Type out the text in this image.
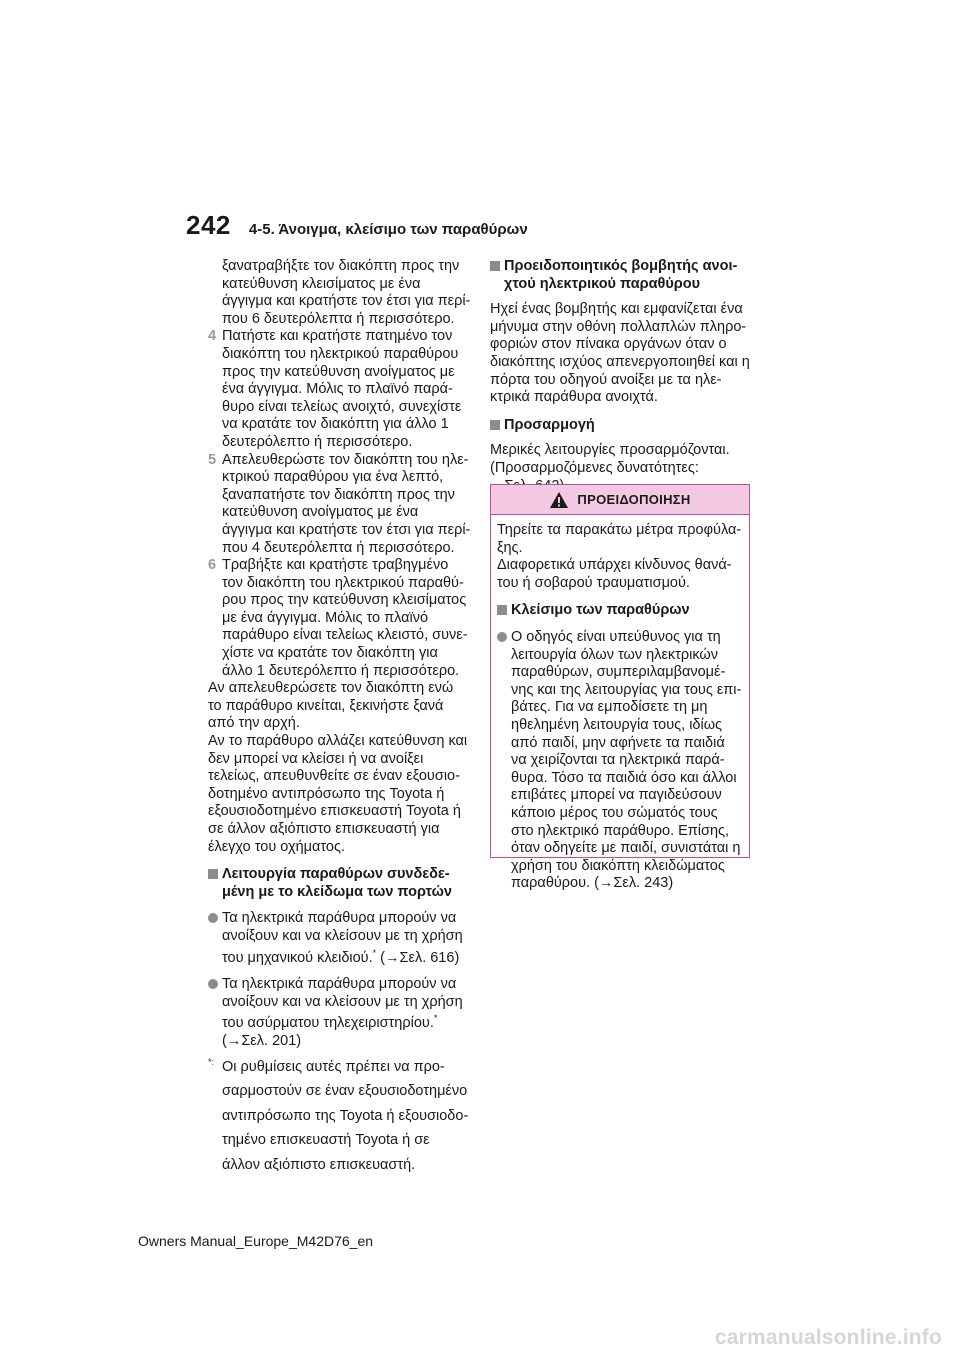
242 4-5. Άνοιγμα, κλείσιμο των παραθύρων
ξανατραβήξτε τον διακόπτη προς την
κατεύθυνση κλεισίματος με ένα
άγγιγμα και κρατήστε τον έτσι για περί-
που 6 δευτερόλεπτα ή περισσότερο.
4 Πατήστε και κρατήστε πατημένο τον
διακόπτη του ηλεκτρικού παραθύρου
προς την κατεύθυνση ανοίγματος με
ένα άγγιγμα. Μόλις το πλαϊνό παρά-
θυρο είναι τελείως ανοιχτό, συνεχίστε
να κρατάτε τον διακόπτη για άλλο 1
δευτερόλεπτο ή περισσότερο.
5 Απελευθερώστε τον διακόπτη του ηλε-
κτρικού παραθύρου για ένα λεπτό,
ξαναπατήστε τον διακόπτη προς την
κατεύθυνση ανοίγματος με ένα
άγγιγμα και κρατήστε τον έτσι για περί-
που 4 δευτερόλεπτα ή περισσότερο.
6 Τραβήξτε και κρατήστε τραβηγμένο
τον διακόπτη του ηλεκτρικού παραθύ-
ρου προς την κατεύθυνση κλεισίματος
με ένα άγγιγμα. Μόλις το πλαϊνό
παράθυρο είναι τελείως κλειστό, συνε-
χίστε να κρατάτε τον διακόπτη για
άλλο 1 δευτερόλεπτο ή περισσότερο.
Αν απελευθερώσετε τον διακόπτη ενώ
το παράθυρο κινείται, ξεκινήστε ξανά
από την αρχή.
Αν το παράθυρο αλλάζει κατεύθυνση και
δεν μπορεί να κλείσει ή να ανοίξει
τελείως, απευθυνθείτε σε έναν εξουσιο-
δοτημένο αντιπρόσωπο της Toyota ή
εξουσιοδοτημένο επισκευαστή Toyota ή
σε άλλον αξιόπιστο επισκευαστή για
έλεγχο του οχήματος.
Λειτουργία παραθύρων συνδεδε-
μένη με το κλείδωμα των πορτών
Τα ηλεκτρικά παράθυρα μπορούν να
ανοίξουν και να κλείσουν με τη χρήση
του μηχανικού κλειδιού.* (→Σελ. 616)
Τα ηλεκτρικά παράθυρα μπορούν να
ανοίξουν και να κλείσουν με τη χρήση
του ασύρματου τηλεχειριστηρίου.*
(→Σελ. 201)
*: Οι ρυθμίσεις αυτές πρέπει να προ-
σαρμοστούν σε έναν εξουσιοδοτημένο
αντιπρόσωπο της Toyota ή εξουσιοδο-
τημένο επισκευαστή Toyota ή σε
άλλον αξιόπιστο επισκευαστή.
Προειδοποιητικός βομβητής ανοι-
χτού ηλεκτρικού παραθύρου
Ηχεί ένας βομβητής και εμφανίζεται ένα
μήνυμα στην οθόνη πολλαπλών πληρο-
φοριών στον πίνακα οργάνων όταν ο
διακόπτης ισχύος απενεργοποιηθεί και η
πόρτα του οδηγού ανοίξει με τα ηλε-
κτρικά παράθυρα ανοιχτά.
Προσαρμογή
Μερικές λειτουργίες προσαρμόζονται.
(Προσαρμοζόμενες δυνατότητες:
ΠΡΟΕΙΔΟΠΟΙΗΣΗ
Τηρείτε τα παρακάτω μέτρα προφύλα-
ξης.
Διαφορετικά υπάρχει κίνδυνος θανά-
του ή σοβαρού τραυματισμού.
Κλείσιμο των παραθύρων
Ο οδηγός είναι υπεύθυνος για τη
λειτουργία όλων των ηλεκτρικών
παραθύρων, συμπεριλαμβανομέ-
νης και της λειτουργίας για τους επι-
βάτες. Για να εμποδίσετε τη μη
ηθελημένη λειτουργία τους, ιδίως
από παιδί, μην αφήνετε τα παιδιά
να χειρίζονται τα ηλεκτρικά παρά-
θυρα. Τόσο τα παιδιά όσο και άλλοι
επιβάτες μπορεί να παγιδεύσουν
κάποιο μέρος του σώματός τους
στο ηλεκτρικό παράθυρο. Επίσης,
όταν οδηγείτε με παιδί, συνιστάται η
χρήση του διακόπτη κλειδώματος
παραθύρου. (→Σελ. 243)
Owners Manual_Europe_M42D76_en
carmanualsonline.info
